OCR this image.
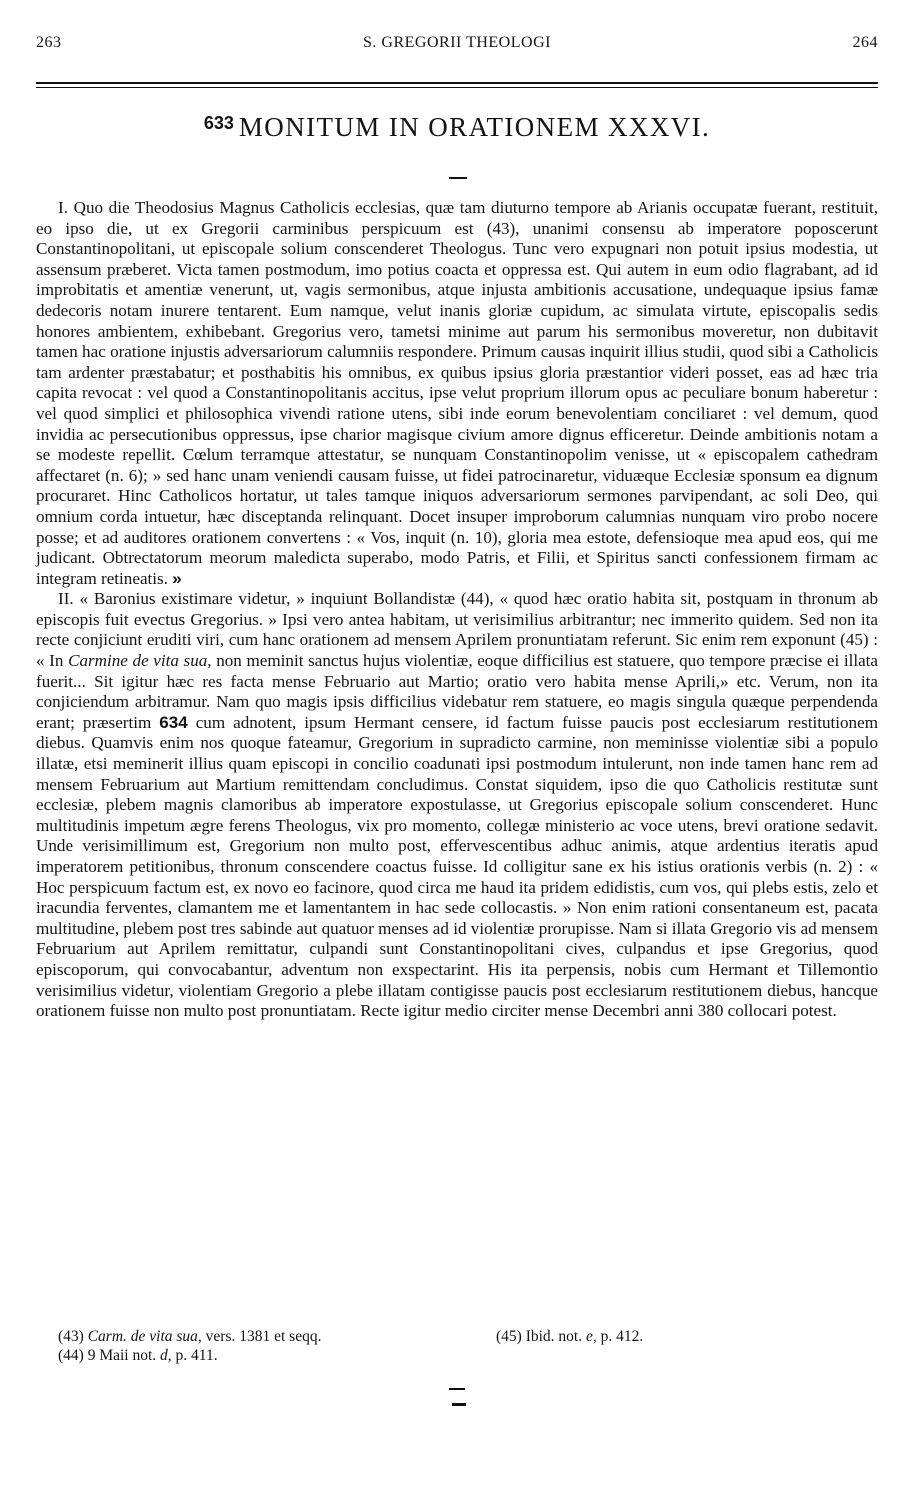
263	S. GREGORII THEOLOGI	264
$^{633}$ MONITUM IN ORATIONEM XXXVI.

I. Quo die Theodosius Magnus Catholicis ecclesias, quæ tam diuturno tempore ab Arianis occupatæ fuerant, restituit, eo ipso die, ut ex Gregorii carminibus perspicuum est (43), unanimi consensu ab imperatore poposcerunt Constantinopolitani, ut episcopale solium conscenderet Theologus. Tunc vero expugnari non potuit ipsius modestia, ut assensum præberet. Victa tamen postmodum, imo potius coacta et oppressa est. Qui autem in eum odio flagrabant, ad id improbitatis et amentiæ venerunt, ut, vagis sermonibus, atque injusta ambitionis accusatione, undequaque ipsius famæ dedecoris notam inurere tentarent. Eum namque, velut inanis gloriæ cupidum, ac simulata virtute, episcopalis sedis honores ambientem, exhibebant. Gregorius vero, tametsi minime aut parum his sermonibus moveretur, non dubitavit tamen hac oratione injustis adversariorum calumniis respondere. Primum causas inquirit illius studii, quod sibi a Catholicis tam ardenter præstabatur; et posthabitis his omnibus, ex quibus ipsius gloria præstantior videri posset, eas ad hæc tria capita revocat : vel quod a Constantinopolitanis accitus, ipse velut proprium illorum opus ac peculiare bonum haberetur : vel quod simplici et philosophica vivendi ratione utens, sibi inde eorum benevolentiam conciliaret : vel demum, quod invidia ac persecutionibus oppressus, ipse charior magisque civium amore dignus efficeretur. Deinde ambitionis notam a se modeste repellit. Cœlum terramque attestatur, se nunquam Constantinopolim venisse, ut « episcopalem cathedram affectaret (n. 6); » sed hanc unam veniendi causam fuisse, ut fidei patrocinaretur, viduæque Ecclesiæ sponsum ea dignum procuraret. Hinc Catholicos hortatur, ut tales tamque iniquos adversariorum sermones parvipendant, ac soli Deo, qui omnium corda intuetur, hæc disceptanda relinquant. Docet insuper improborum calumnias nunquam viro probo nocere posse; et ad auditores orationem convertens : « Vos, inquit (n. 10), gloria mea estote, defensioque mea apud eos, qui me judicant. Obtrectatorum meorum maledicta superabo, modo Patris, et Filii, et Spiritus sancti confessionem firmam ac integram retineatis. »

II. « Baronius existimare videtur, » inquiunt Bollandistæ (44), « quod hæc oratio habita sit, postquam in thronum ab episcopis fuit evectus Gregorius. » Ipsi vero antea habitam, ut verisimilius arbitrantur; nec immerito quidem. Sed non ita recte conjiciunt eruditi viri, cum hanc orationem ad mensem Aprilem pronuntiatam referunt. Sic enim rem exponunt (45) : « In Carmine de vita sua, non meminit sanctus hujus violentiæ, eoque difficilius est statuere, quo tempore præcise ei illata fuerit... Sit igitur hæc res facta mense Februario aut Martio; oratio vero habita mense Aprili,» etc. Verum, non ita conjiciendum arbitramur. Nam quo magis ipsis difficilius videbatur rem statuere, eo magis singula quæque perpendenda erant; præsertim 634 cum adnotent, ipsum Hermant censere, id factum fuisse paucis post ecclesiarum restitutionem diebus. Quamvis enim nos quoque fateamur, Gregorium in supradicto carmine, non meminisse violentiæ sibi a populo illatæ, etsi meminerit illius quam episcopi in concilio coadunati ipsi postmodum intulerunt, non inde tamen hanc rem ad mensem Februarium aut Martium remittendam concludimus. Constat siquidem, ipso die quo Catholicis restitutæ sunt ecclesiæ, plebem magnis clamoribus ab imperatore expostulasse, ut Gregorius episcopale solium conscenderet. Hunc multitudinis impetum ægre ferens Theologus, vix pro momento, collegæ ministerio ac voce utens, brevi oratione sedavit. Unde verisimillimum est, Gregorium non multo post, effervescentibus adhuc animis, atque ardentius iteratis apud imperatorem petitionibus, thronum conscendere coactus fuisse. Id colligitur sane ex his istius orationis verbis (n. 2) : « Hoc perspicuum factum est, ex novo eo facinore, quod circa me haud ita pridem edidistis, cum vos, qui plebs estis, zelo et iracundia ferventes, clamantem me et lamentantem in hac sede collocastis. » Non enim rationi consentaneum est, pacata multitudine, plebem post tres sabinde aut quatuor menses ad id violentiæ prorupisse. Nam si illata Gregorio vis ad mensem Februarium aut Aprilem remittatur, culpandi sunt Constantinopolitani cives, culpandus et ipse Gregorius, quod episcoporum, qui convocabantur, adventum non exspectarint. His ita perpensis, nobis cum Hermant et Tillemontio verisimilius videtur, violentiam Gregorio a plebe illatam contigisse paucis post ecclesiarum restitutionem diebus, hancque orationem fuisse non multo post pronuntiatam. Recte igitur medio circiter mense Decembri anni 380 collocari potest.

(43) Carm. de vita sua, vers. 1381 et seqq.
(44) 9 Maii not. d, p. 411.
(45) Ibid. not. e, p. 412.
